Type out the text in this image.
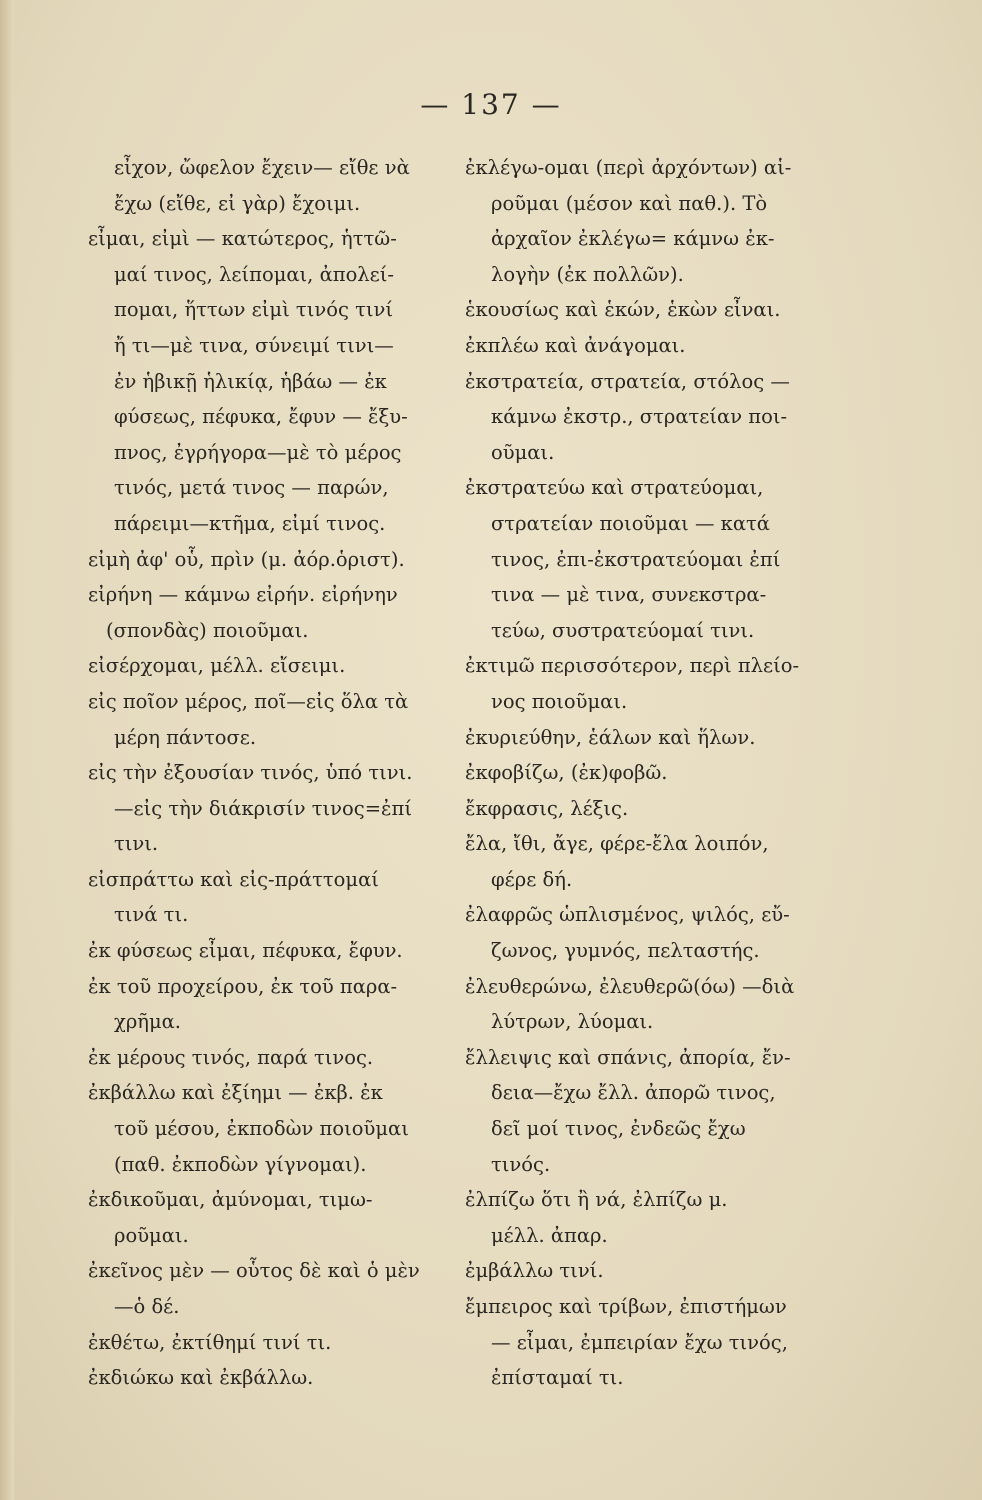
— 137 —
εἶχον, ὤφελον ἔχειν— εἴθε νὰ
ἔχω (εἴθε, εἰ γὰρ) ἔχοιμι.
εἶμαι, εἰμὶ — κατώτερος, ἡττῶ-
μαί τινος, λείπομαι, ἀπολεί-
πομαι, ἥττων εἰμὶ τινός τινί
ἤ τι—μὲ τινα, σύνειμί τινι—
ἐν ἡβικῇ ἡλικίᾳ, ἡβάω — ἐκ
φύσεως, πέφυκα, ἔφυν — ἔξυ-
πνος, ἐγρήγορα—μὲ τὸ μέρος
τινός, μετά τινος — παρών,
πάρειμι—κτῆμα, εἰμί τινος.
εἰμὴ ἀφ' οὗ, πρὶν (μ. ἀόρ.ὁριστ).
εἰρήνη — κάμνω εἰρήν. εἰρήνην
(σπονδὰς) ποιοῦμαι.
εἰσέρχομαι, μέλλ. εἴσειμι.
εἰς ποῖον μέρος, ποῖ—εἰς ὅλα τὰ
μέρη πάντοσε.
εἰς τὴν ἐξουσίαν τινός, ὑπό τινι.
—εἰς τὴν διάκρισίν τινος=ἐπί
τινι.
εἰσπράττω καὶ εἰς-πράττομαί
τινά τι.
ἐκ φύσεως εἶμαι, πέφυκα, ἔφυν.
ἐκ τοῦ προχείρου, ἐκ τοῦ παρα-
χρῆμα.
ἐκ μέρους τινός, παρά τινος.
ἐκβάλλω καὶ ἐξίημι — ἐκβ. ἐκ
τοῦ μέσου, ἐκποδὼν ποιοῦμαι
(παθ. ἐκποδὼν γίγνομαι).
ἐκδικοῦμαι, ἀμύνομαι, τιμω-
ροῦμαι.
ἐκεῖνος μὲν — οὗτος δὲ καὶ ὁ μὲν
—ὁ δέ.
ἐκθέτω, ἐκτίθημί τινί τι.
ἐκδιώκω καὶ ἐκβάλλω.
ἐκλέγω-ομαι (περὶ ἀρχόντων) αἱ-
ροῦμαι (μέσον καὶ παθ.). Τὸ
ἀρχαῖον ἐκλέγω= κάμνω ἐκ-
λογὴν (ἐκ πολλῶν).
ἑκουσίως καὶ ἑκών, ἑκὼν εἶναι.
ἐκπλέω καὶ ἀνάγομαι.
ἐκστρατεία, στρατεία, στόλος —
κάμνω ἐκστρ., στρατείαν ποι-
οῦμαι.
ἐκστρατεύω καὶ στρατεύομαι,
στρατείαν ποιοῦμαι — κατά
τινος, ἐπι-ἐκστρατεύομαι ἐπί
τινα — μὲ τινα, συνεκστρα-
τεύω, συστρατεύομαί τινι.
ἐκτιμῶ περισσότερον, περὶ πλείο-
νος ποιοῦμαι.
ἐκυριεύθην, ἑάλων καὶ ἥλων.
ἐκφοβίζω, (ἐκ)φοβῶ.
ἔκφρασις, λέξις.
ἔλα, ἴθι, ἄγε, φέρε-ἔλα λοιπόν,
φέρε δή.
ἐλαφρῶς ὡπλισμένος, ψιλός, εὔ-
ζωνος, γυμνός, πελταστής.
ἐλευθερώνω, ἐλευθερῶ(όω) —διὰ
λύτρων, λύομαι.
ἔλλειψις καὶ σπάνις, ἀπορία, ἔν-
δεια—ἔχω ἔλλ. ἀπορῶ τινος,
δεῖ μοί τινος, ἐνδεῶς ἔχω
τινός.
ἐλπίζω ὅτι ἢ νά, ἐλπίζω μ.
μέλλ. ἀπαρ.
ἐμβάλλω τινί.
ἔμπειρος καὶ τρίβων, ἐπιστήμων
— εἶμαι, ἐμπειρίαν ἔχω τινός,
ἐπίσταμαί τι.
